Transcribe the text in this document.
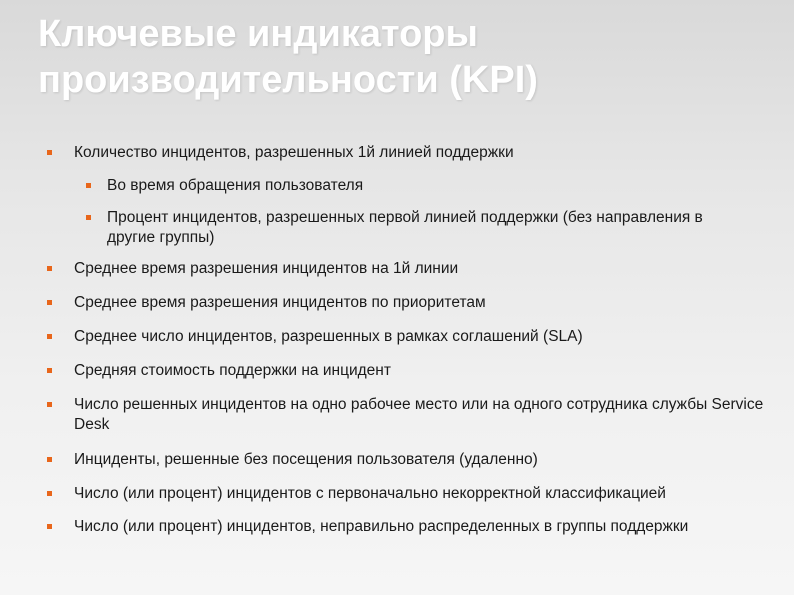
Ключевые индикаторы производительности (KPI)
Количество инцидентов, разрешенных 1й линией поддержки
Во время обращения пользователя
Процент инцидентов, разрешенных первой линией поддержки (без направления в другие группы)
Среднее время разрешения инцидентов на 1й линии
Среднее время разрешения инцидентов по приоритетам
Среднее число инцидентов, разрешенных в рамках соглашений (SLA)
Средняя стоимость поддержки на инцидент
Число решенных инцидентов на одно рабочее место или на одного сотрудника службы Service Desk
Инциденты, решенные без посещения пользователя (удаленно)
Число (или процент) инцидентов с первоначально некорректной классификацией
Число (или процент) инцидентов, неправильно распределенных в группы поддержки
